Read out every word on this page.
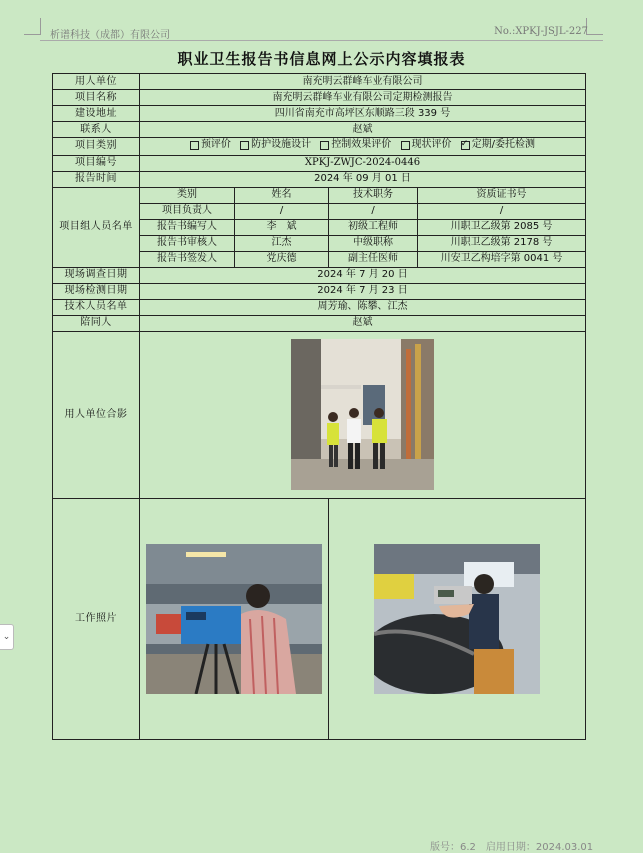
析谱科技（成都）有限公司	No.:XPKJ-JSJL-227
职业卫生报告书信息网上公示内容填报表
用人单位	南充明云群峰车业有限公司			
项目名称	南充明云群峰车业有限公司定期检测报告			
建设地址	四川省南充市高坪区东顺路三段 339 号			
联系人	赵斌			
项目类别	预评价
防护设施设计
控制效果评价
现状评价
✓ 定期/委托检测

项目编号	XPKJ-ZWJC-2024-0446			
报告时间	2024 年 09 月 01 日			
项目组人员名单	类别	姓名	技术职务	资质证书号
	项目负责人	/	/	/
	报告书编写人	李　斌	初级工程师	川职卫乙级第 2085 号
	报告书审核人	江杰	中级职称	川职卫乙级第 2178 号
	报告书签发人	党庆德	副主任医师	川安卫乙构培字第 0041 号
现场调查日期	2024 年 7 月 20 日			
现场检测日期	2024 年 7 月 23 日			
技术人员名单	周芳瑜、陈攀、江杰			
陪同人	赵斌			
用人单位合影	

工作照片	

⌄
版号：6.2　启用日期：2024.03.01
